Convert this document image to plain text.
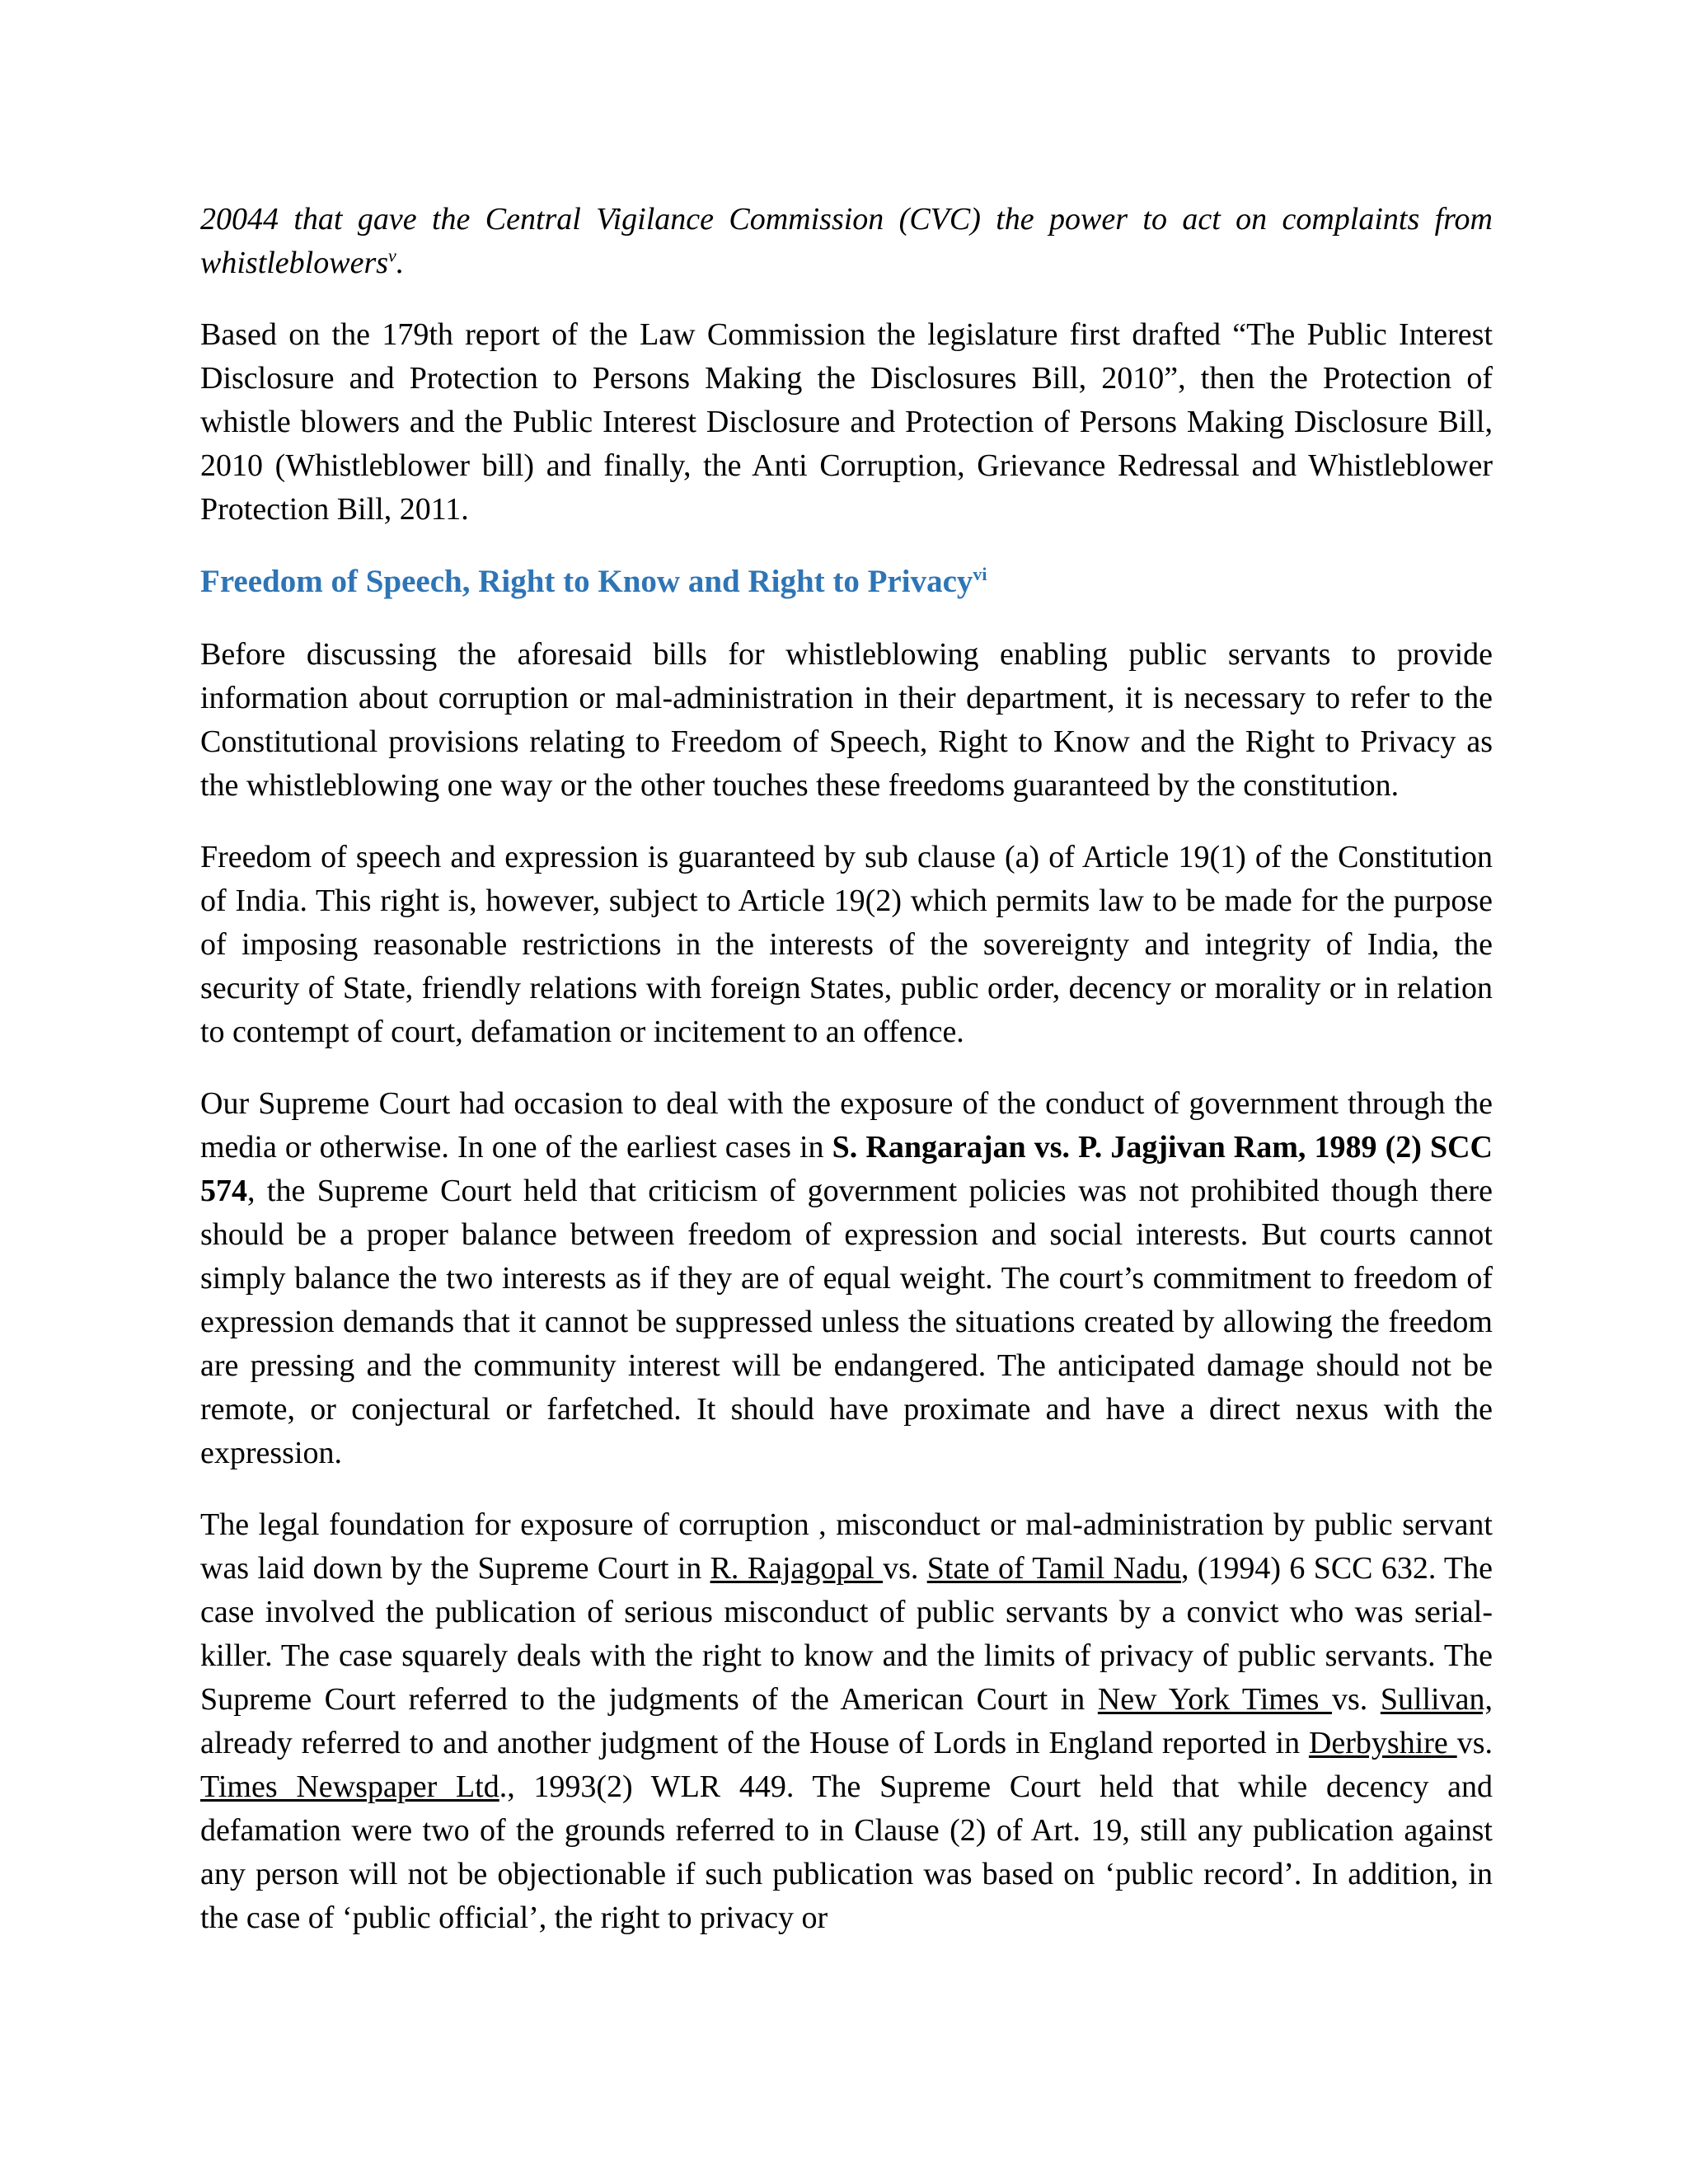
20044 that gave the Central Vigilance Commission (CVC) the power to act on complaints from whistleblowers$^v$.

Based on the 179th report of the Law Commission the legislature first drafted “The Public Interest Disclosure and Protection to Persons Making the Disclosures Bill, 2010”, then the Protection of whistle blowers and the Public Interest Disclosure and Protection of Persons Making Disclosure Bill, 2010 (Whistleblower bill) and finally, the Anti Corruption, Grievance Redressal and Whistleblower Protection Bill, 2011.

Freedom of Speech, Right to Know and Right to Privacy$^{vi}$

Before discussing the aforesaid bills for whistleblowing enabling public servants to provide information about corruption or mal-administration in their department, it is necessary to refer to the Constitutional provisions relating to Freedom of Speech, Right to Know and the Right to Privacy as the whistleblowing one way or the other touches these freedoms guaranteed by the constitution.

Freedom of speech and expression is guaranteed by sub clause (a) of Article 19(1) of the Constitution of India. This right is, however, subject to Article 19(2) which permits law to be made for the purpose of imposing reasonable restrictions in the interests of the sovereignty and integrity of India, the security of State, friendly relations with foreign States, public order, decency or morality or in relation to contempt of court, defamation or incitement to an offence.

Our Supreme Court had occasion to deal with the exposure of the conduct of government through the media or otherwise. In one of the earliest cases in S. Rangarajan vs. P. Jagjivan Ram, 1989 (2) SCC 574, the Supreme Court held that criticism of government policies was not prohibited though there should be a proper balance between freedom of expression and social interests. But courts cannot simply balance the two interests as if they are of equal weight. The court’s commitment to freedom of expression demands that it cannot be suppressed unless the situations created by allowing the freedom are pressing and the community interest will be endangered. The anticipated damage should not be remote, or conjectural or farfetched. It should have proximate and have a direct nexus with the expression.

The legal foundation for exposure of corruption , misconduct or mal-administration by public servant was laid down by the Supreme Court in R. Rajagopal vs. State of Tamil Nadu, (1994) 6 SCC 632. The case involved the publication of serious misconduct of public servants by a convict who was serial-killer. The case squarely deals with the right to know and the limits of privacy of public servants. The Supreme Court referred to the judgments of the American Court in New York Times vs. Sullivan, already referred to and another judgment of the House of Lords in England reported in Derbyshire vs. Times Newspaper Ltd., 1993(2) WLR 449. The Supreme Court held that while decency and defamation were two of the grounds referred to in Clause (2) of Art. 19, still any publication against any person will not be objectionable if such publication was based on ‘public record’. In addition, in the case of ‘public official’, the right to privacy or
